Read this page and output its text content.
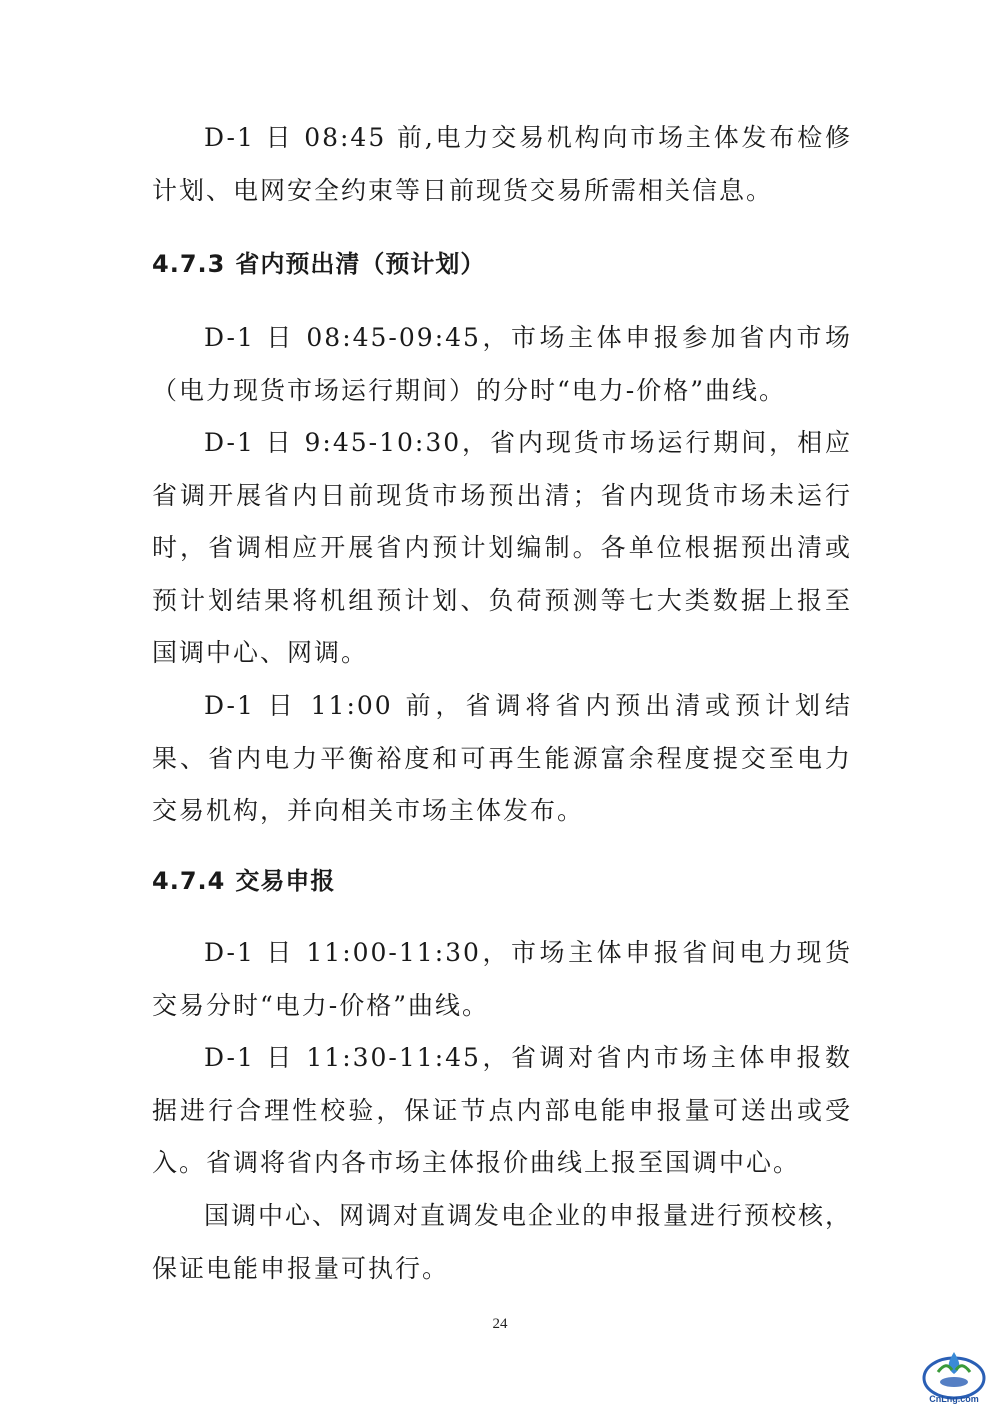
D-1 日 08:45 前,电力交易机构向市场主体发布检修计划、电网安全约束等日前现货交易所需相关信息。

4.7.3 省内预出清（预计划）

D-1 日 08:45-09:45，市场主体申报参加省内市场（电力现货市场运行期间）的分时“电力-价格”曲线。

D-1 日 9:45-10:30，省内现货市场运行期间，相应省调开展省内日前现货市场预出清；省内现货市场未运行时，省调相应开展省内预计划编制。各单位根据预出清或预计划结果将机组预计划、负荷预测等七大类数据上报至国调中心、网调。

D-1 日 11:00 前，省调将省内预出清或预计划结果、省内电力平衡裕度和可再生能源富余程度提交至电力交易机构，并向相关市场主体发布。

4.7.4 交易申报

D-1 日 11:00-11:30，市场主体申报省间电力现货交易分时“电力-价格”曲线。

D-1 日 11:30-11:45，省调对省内市场主体申报数据进行合理性校验，保证节点内部电能申报量可送出或受入。省调将省内各市场主体报价曲线上报至国调中心。

国调中心、网调对直调发电企业的申报量进行预校核，保证电能申报量可执行。

24
CnLng.com
